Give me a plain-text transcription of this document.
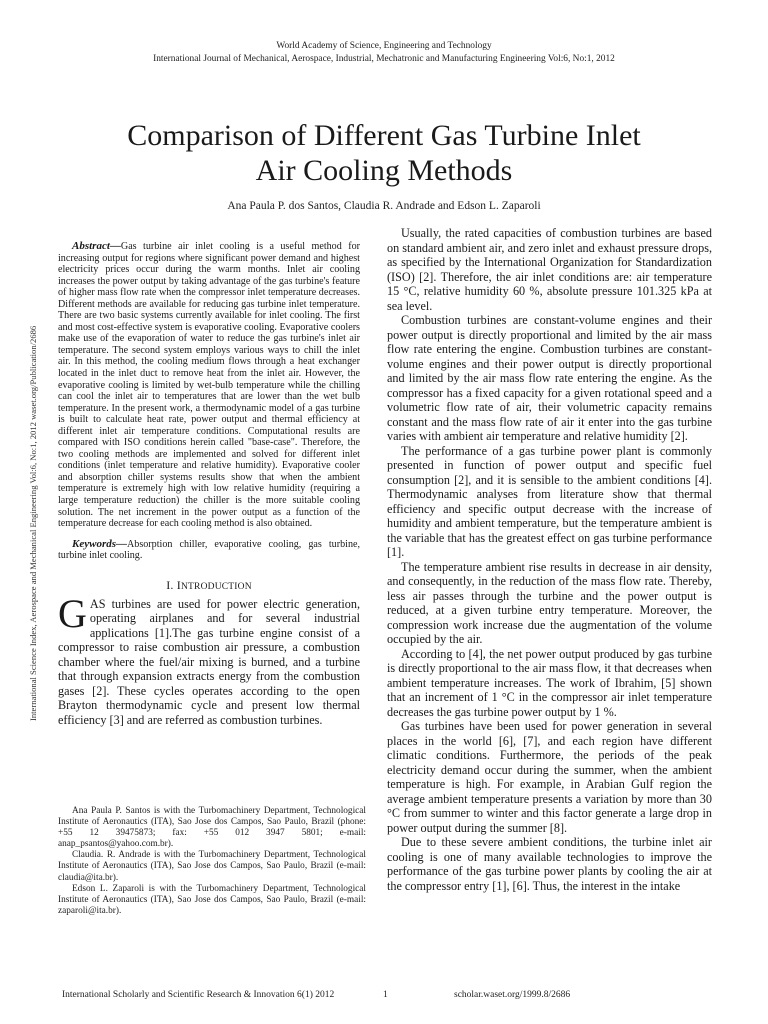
World Academy of Science, Engineering and Technology
International Journal of Mechanical, Aerospace, Industrial, Mechatronic and Manufacturing Engineering Vol:6, No:1, 2012
International Science Index, Aerospace and Mechanical Engineering Vol:6, No:1, 2012 waset.org/Publication/2686
Comparison of Different Gas Turbine Inlet
Air Cooling Methods
Ana Paula P. dos Santos, Claudia R. Andrade and Edson L. Zaparoli

Abstract—Gas turbine air inlet cooling is a useful method for increasing output for regions where significant power demand and highest electricity prices occur during the warm months. Inlet air cooling increases the power output by taking advantage of the gas turbine's feature of higher mass flow rate when the compressor inlet temperature decreases. Different methods are available for reducing gas turbine inlet temperature. There are two basic systems currently available for inlet cooling. The first and most cost-effective system is evaporative cooling. Evaporative coolers make use of the evaporation of water to reduce the gas turbine's inlet air temperature. The second system employs various ways to chill the inlet air. In this method, the cooling medium flows through a heat exchanger located in the inlet duct to remove heat from the inlet air. However, the evaporative cooling is limited by wet-bulb temperature while the chilling can cool the inlet air to temperatures that are lower than the wet bulb temperature. In the present work, a thermodynamic model of a gas turbine is built to calculate heat rate, power output and thermal efficiency at different inlet air temperature conditions. Computational results are compared with ISO conditions herein called "base-case". Therefore, the two cooling methods are implemented and solved for different inlet conditions (inlet temperature and relative humidity). Evaporative cooler and absorption chiller systems results show that when the ambient temperature is extremely high with low relative humidity (requiring a large temperature reduction) the chiller is the more suitable cooling solution. The net increment in the power output as a function of the temperature decrease for each cooling method is also obtained.

Keywords—Absorption chiller, evaporative cooling, gas turbine, turbine inlet cooling.

I. INTRODUCTION

GAS turbines are used for power electric generation, operating airplanes and for several industrial applications [1].The gas turbine engine consist of a compressor to raise combustion air pressure, a combustion chamber where the fuel/air mixing is burned, and a turbine that through expansion extracts energy from the combustion gases [2]. These cycles operates according to the open Brayton thermodynamic cycle and present low thermal efficiency [3] and are referred as combustion turbines.

Ana Paula P. Santos is with the Turbomachinery Department, Technological Institute of Aeronautics (ITA), Sao Jose dos Campos, Sao Paulo, Brazil (phone: +55 12 39475873; fax: +55 012 3947 5801; e-mail: anap_psantos@yahoo.com.br).

Claudia. R. Andrade is with the Turbomachinery Department, Technological Institute of Aeronautics (ITA), Sao Jose dos Campos, Sao Paulo, Brazil (e-mail: claudia@ita.br).

Edson L. Zaparoli is with the Turbomachinery Department, Technological Institute of Aeronautics (ITA), Sao Jose dos Campos, Sao Paulo, Brazil (e-mail: zaparoli@ita.br).

Usually, the rated capacities of combustion turbines are based on standard ambient air, and zero inlet and exhaust pressure drops, as specified by the International Organization for Standardization (ISO) [2]. Therefore, the air inlet conditions are: air temperature 15 °C, relative humidity 60 %, absolute pressure 101.325 kPa at sea level.

Combustion turbines are constant-volume engines and their power output is directly proportional and limited by the air mass flow rate entering the engine. Combustion turbines are constant-volume engines and their power output is directly proportional and limited by the air mass flow rate entering the engine. As the compressor has a fixed capacity for a given rotational speed and a volumetric flow rate of air, their volumetric capacity remains constant and the mass flow rate of air it enter into the gas turbine varies with ambient air temperature and relative humidity [2].

The performance of a gas turbine power plant is commonly presented in function of power output and specific fuel consumption [2], and it is sensible to the ambient conditions [4]. Thermodynamic analyses from literature show that thermal efficiency and specific output decrease with the increase of humidity and ambient temperature, but the temperature ambient is the variable that has the greatest effect on gas turbine performance [1].

The temperature ambient rise results in decrease in air density, and consequently, in the reduction of the mass flow rate. Thereby, less air passes through the turbine and the power output is reduced, at a given turbine entry temperature. Moreover, the compression work increase due the augmentation of the volume occupied by the air.

According to [4], the net power output produced by gas turbine is directly proportional to the air mass flow, it that decreases when ambient temperature increases. The work of Ibrahim, [5] shown that an increment of 1 °C in the compressor air inlet temperature decreases the gas turbine power output by 1 %.

Gas turbines have been used for power generation in several places in the world [6], [7], and each region have different climatic conditions. Furthermore, the periods of the peak electricity demand occur during the summer, when the ambient temperature is high. For example, in Arabian Gulf region the average ambient temperature presents a variation by more than 30 °C from summer to winter and this factor generate a large drop in power output during the summer [8].

Due to these severe ambient conditions, the turbine inlet air cooling is one of many available technologies to improve the performance of the gas turbine power plants by cooling the air at the compressor entry [1], [6]. Thus, the interest in the intake

International Scholarly and Scientific Research & Innovation 6(1) 2012	1	scholar.waset.org/1999.8/2686
